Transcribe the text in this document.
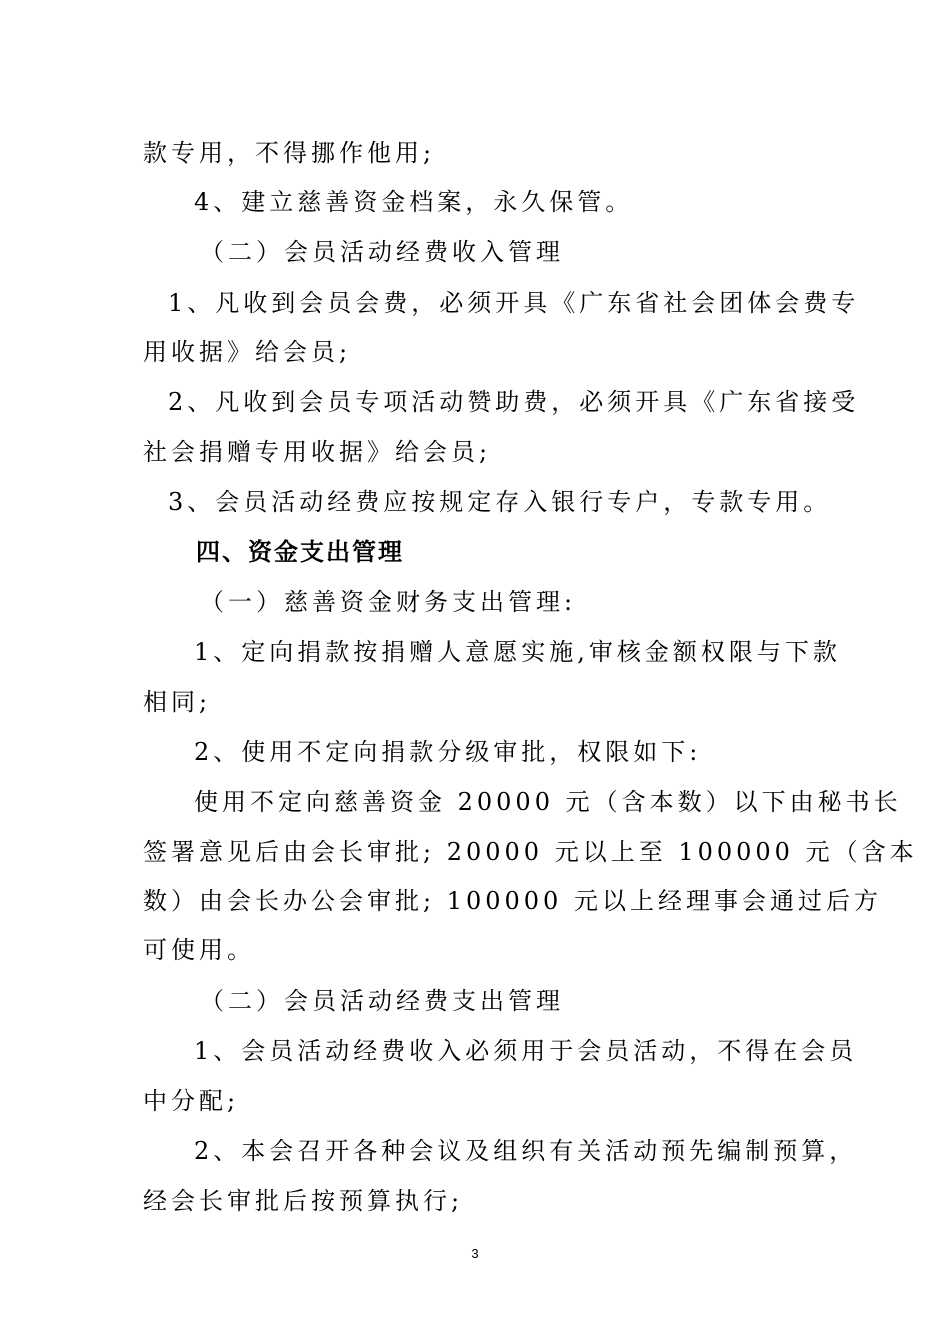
款专用，不得挪作他用;
4、建立慈善资金档案，永久保管。
（二）会员活动经费收入管理
1、凡收到会员会费，必须开具《广东省社会团体会费专
用收据》给会员;
2、凡收到会员专项活动赞助费，必须开具《广东省接受
社会捐赠专用收据》给会员;
3、会员活动经费应按规定存入银行专户，专款专用。
四、资金支出管理
（一）慈善资金财务支出管理:
1、定向捐款按捐赠人意愿实施,审核金额权限与下款
相同;
2、使用不定向捐款分级审批，权限如下:
使用不定向慈善资金 20000 元（含本数）以下由秘书长
签署意见后由会长审批; 20000 元以上至 100000 元（含本
数）由会长办公会审批; 100000 元以上经理事会通过后方
可使用。
（二）会员活动经费支出管理
1、会员活动经费收入必须用于会员活动，不得在会员
中分配;
2、本会召开各种会议及组织有关活动预先编制预算，
经会长审批后按预算执行;
3
